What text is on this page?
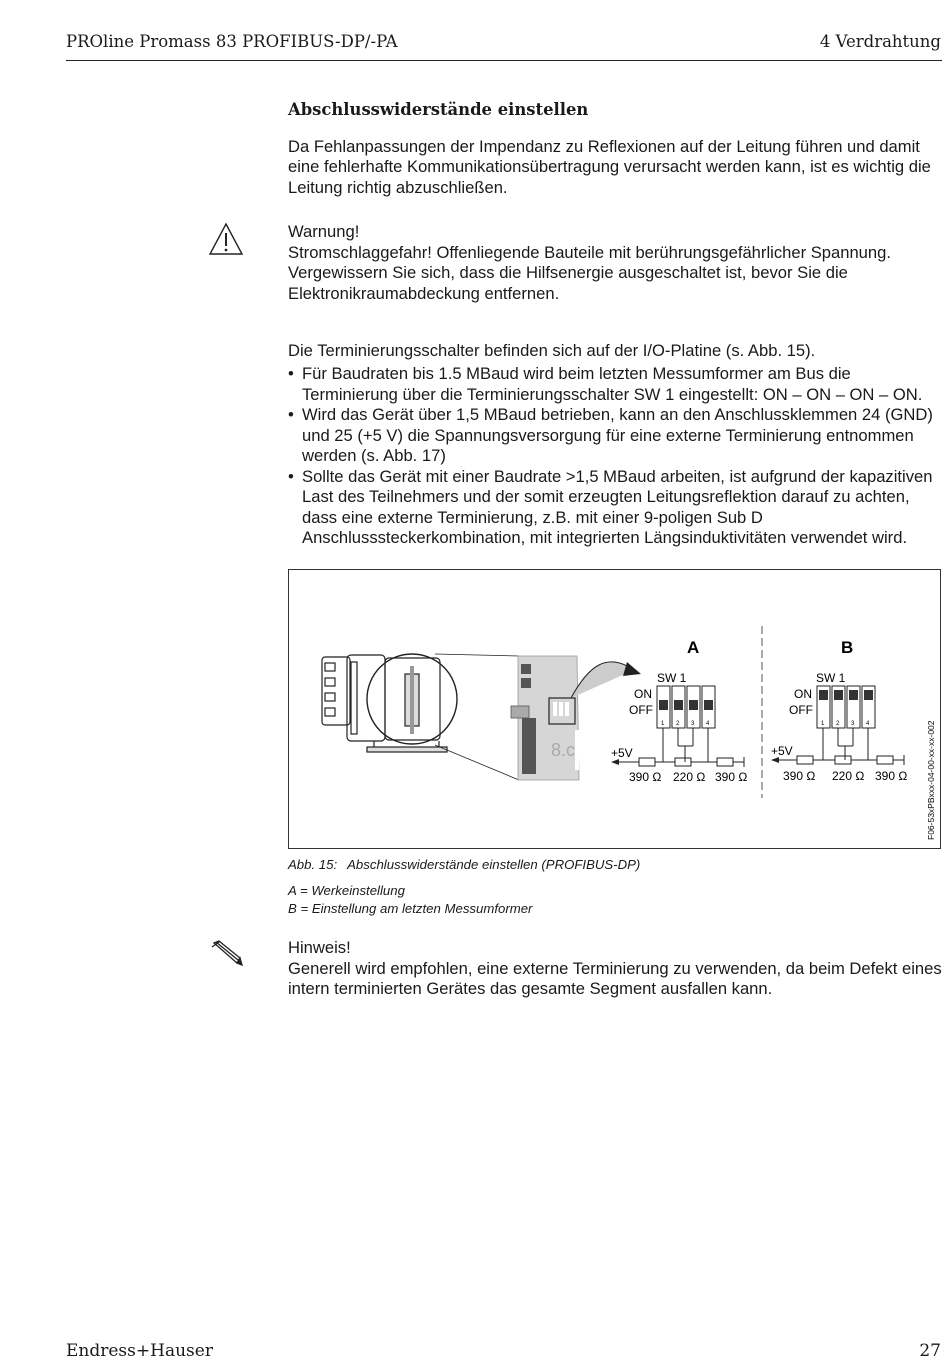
PROline Promass 83 PROFIBUS-DP/-PA	4 Verdrahtung
Abschlusswiderstände einstellen

Da Fehlanpassungen der Impendanz zu Reflexionen auf der Leitung führen und damit eine fehlerhafte Kommunikationsübertragung verursacht werden kann, ist es wichtig die Leitung richtig abzuschließen.

Warnung!

Stromschlaggefahr! Offenliegende Bauteile mit berührungsgefährlicher Spannung. Vergewissern Sie sich, dass die Hilfsenergie ausgeschaltet ist, bevor Sie die Elektronikraumabdeckung entfernen.

Die Terminierungsschalter befinden sich auf der I/O-Platine (s. Abb. 15).

• Für Baudraten bis 1.5 MBaud wird beim letzten Messumformer am Bus die Terminierung über die Terminierungsschalter SW 1 eingestellt: ON – ON – ON – ON.
• Wird das Gerät über 1,5 MBaud betrieben, kann an den Anschlussklemmen 24 (GND) und 25 (+5 V) die Spannungsversorgung für eine externe Terminierung entnommen werden (s. Abb. 17)
• Sollte das Gerät mit einer Baudrate >1,5 MBaud arbeiten, ist aufgrund der kapazitiven Last des Teilnehmers und der somit erzeugten Leitungsreflektion darauf zu achten, dass eine externe Terminierung, z.B. mit einer 9-poligen Sub D Anschlusssteckerkombination, mit integrierten Längsinduktivitäten verwendet wird.
8.c
A
SW 1
ON
OFF
1 2 3 4
+5V
390 Ω 220 Ω 390 Ω
B
SW 1
ON
OFF
1 2 3 4
+5V
390 Ω 220 Ω 390 Ω F06-53xPBxxx-04-00-xx-xx-002
Abb. 15: Abschlusswiderstände einstellen (PROFIBUS-DP)
A = Werkeinstellung
B = Einstellung am letzten Messumformer

Hinweis!

Generell wird empfohlen, eine externe Terminierung zu verwenden, da beim Defekt eines intern terminierten Gerätes das gesamte Segment ausfallen kann.

Endress+Hauser	27
